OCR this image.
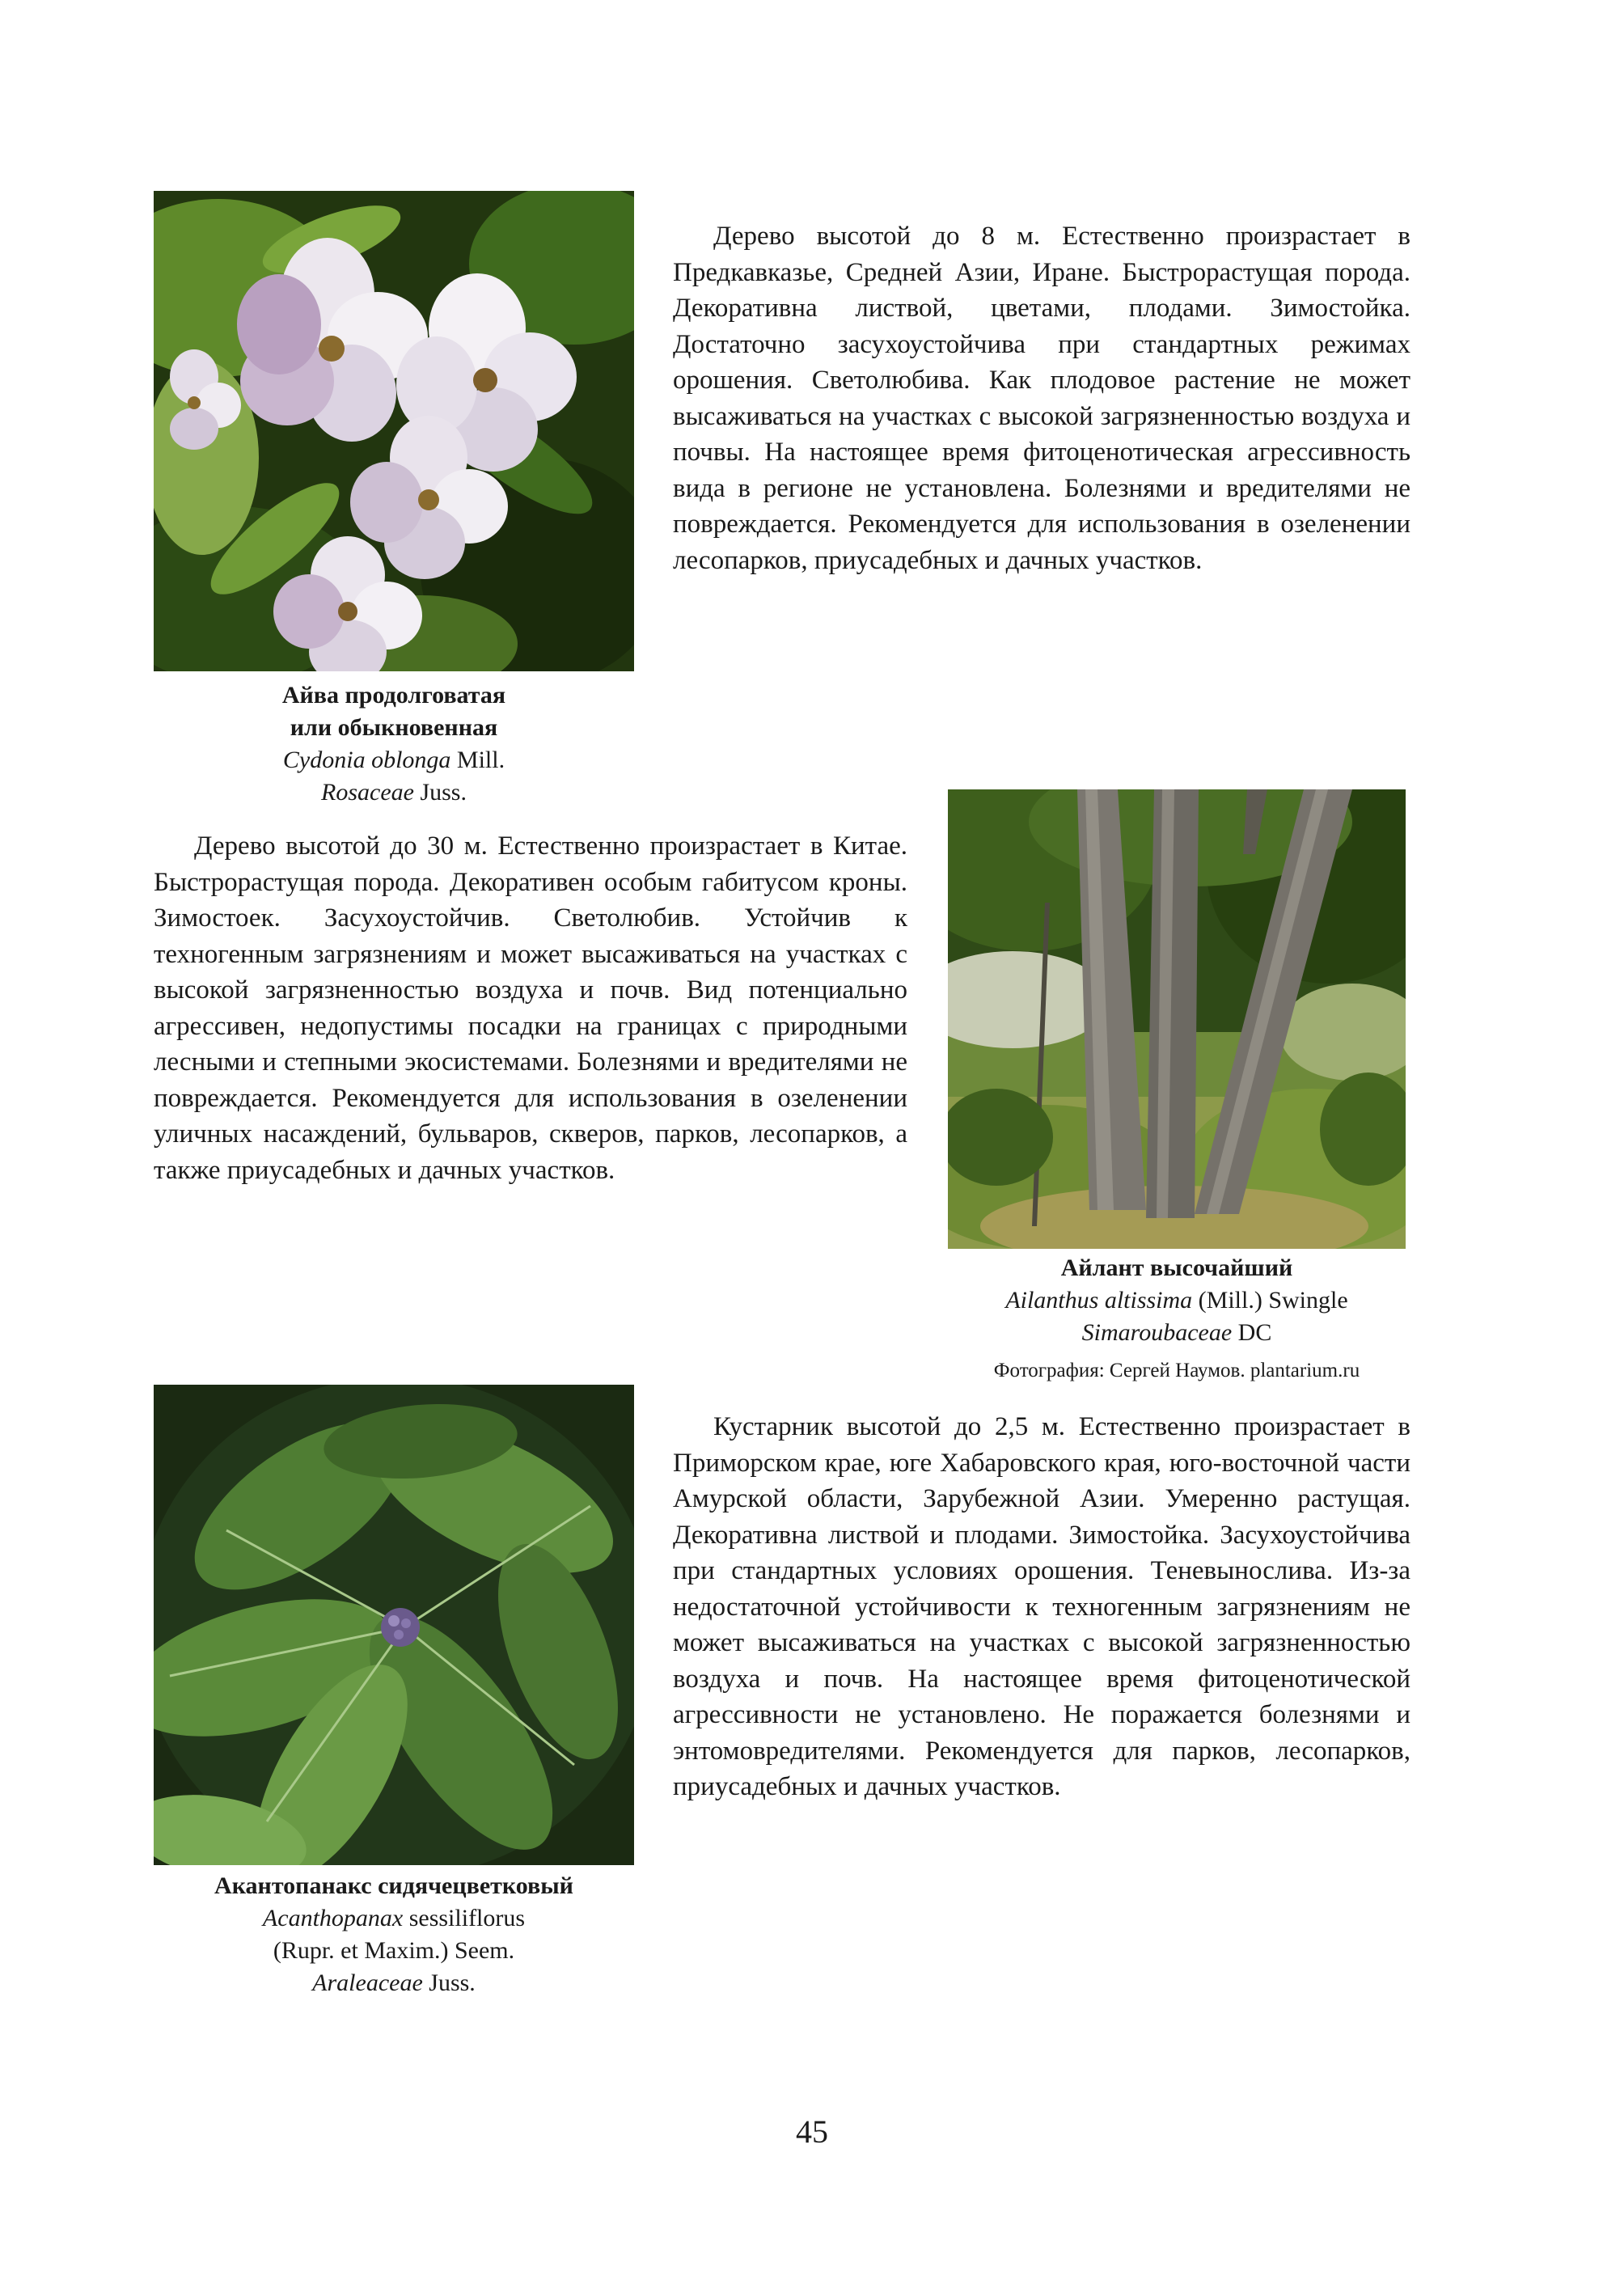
Дерево высотой до 8 м. Естественно произрастает в Предкавказье, Средней Азии, Иране. Быстрорастущая порода. Декоративна листвой, цветами, плодами. Зимостойка. Достаточно засухоустойчива при стандартных режимах орошения. Светолюбива. Как плодовое растение не может высаживаться на участках с высокой загрязненностью воздуха и почвы. На настоящее время фитоценотическая агрессивность вида в регионе не установлена. Болезнями и вредителями не повреждается. Рекомендуется для использования в озеленении лесопарков, приусадебных и дачных участков.

Айва продолговатая
или обыкновенная
Cydonia oblonga Mill.
Rosaceae Juss.

Дерево высотой до 30 м. Естественно произрастает в Китае. Быстрорастущая порода. Декоративен особым габитусом кроны. Зимостоек. Засухоустойчив. Светолюбив. Устойчив к техногенным загрязнениям и может высаживаться на участках с высокой загрязненностью воздуха и почв. Вид потенциально агрессивен, недопустимы посадки на границах с природными лесными и степными экосистемами. Болезнями и вредителями не повреждается. Рекомендуется для использования в озеленении уличных насаждений, бульваров, скверов, парков, лесопарков, а также приусадебных и дачных участков.

Айлант высочайший
Ailanthus altissima (Mill.) Swingle
Simaroubaceae DC
Фотография: Сергей Наумов. plantarium.ru

Кустарник высотой до 2,5 м. Естественно произрастает в Приморском крае, юге Хабаровского края, юго-восточной части Амурской области, Зарубежной Азии. Умеренно растущая. Декоративна листвой и плодами. Зимостойка. Засухоустойчива при стандартных условиях орошения. Теневынослива. Из-за недостаточной устойчивости к техногенным загрязнениям не может высаживаться на участках с высокой загрязненностью воздуха и почв. На настоящее время фитоценотической агрессивности не установлено. Не поражается болезнями и энтомовредителями. Рекомендуется для парков, лесопарков, приусадебных и дачных участков.

Акантопанакс сидячецветковый
Acanthopanax sessiliflorus
(Rupr. et Maxim.) Seem.
Araleaceae Juss.
45
